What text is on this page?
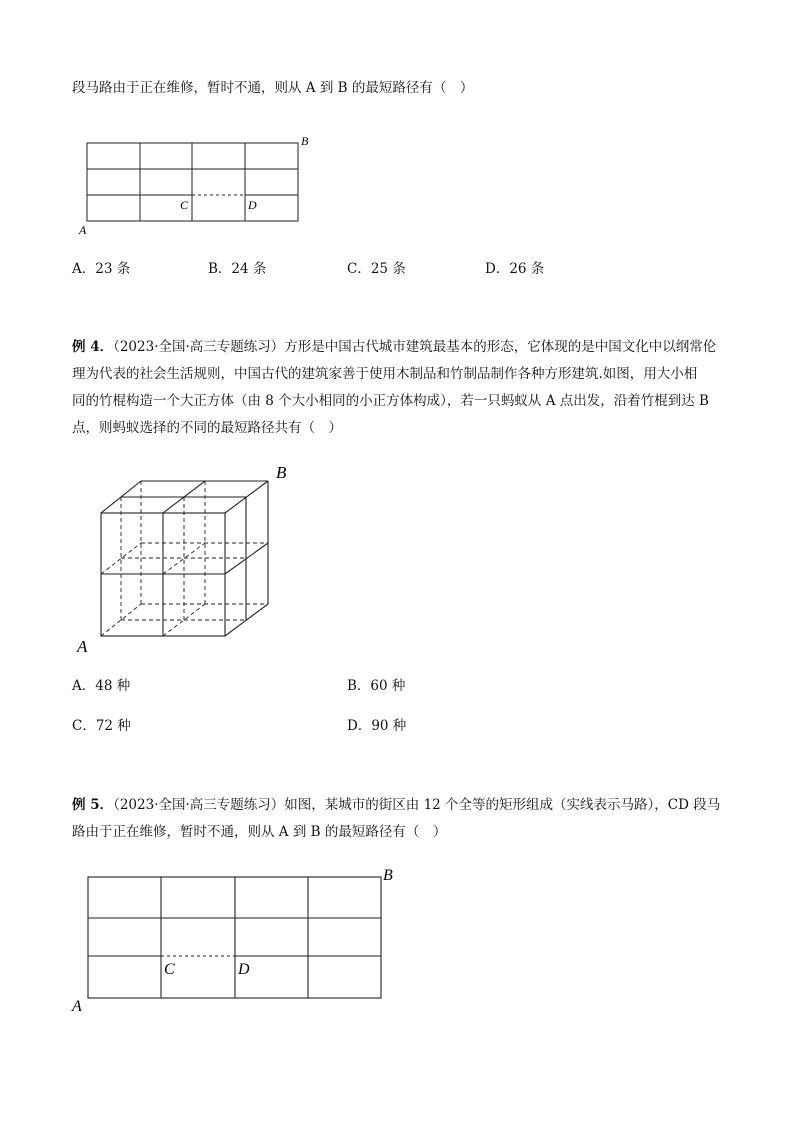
段马路由于正在维修，暂时不通，则从 A 到 B 的最短路径有（　）
A
B
C	D
A
B
A
B
C	D
A．23 条	B．24 条	C．25 条	D．26 条
例 4．（2023·全国·高三专题练习）方形是中国古代城市建筑最基本的形态，它体现的是中国文化中以纲常伦
理为代表的社会生活规则，中国古代的建筑家善于使用木制品和竹制品制作各种方形建筑.如图，用大小相
同的竹棍构造一个大正方体（由 8 个大小相同的小正方体构成），若一只蚂蚁从 A 点出发，沿着竹棍到达 B
点，则蚂蚁选择的不同的最短路径共有（　）
A．48 种	B．60 种
C．72 种	D．90 种
例 5．（2023·全国·高三专题练习）如图，某城市的街区由 12 个全等的矩形组成（实线表示马路），CD 段马
路由于正在维修，暂时不通，则从 A 到 B 的最短路径有（　）
